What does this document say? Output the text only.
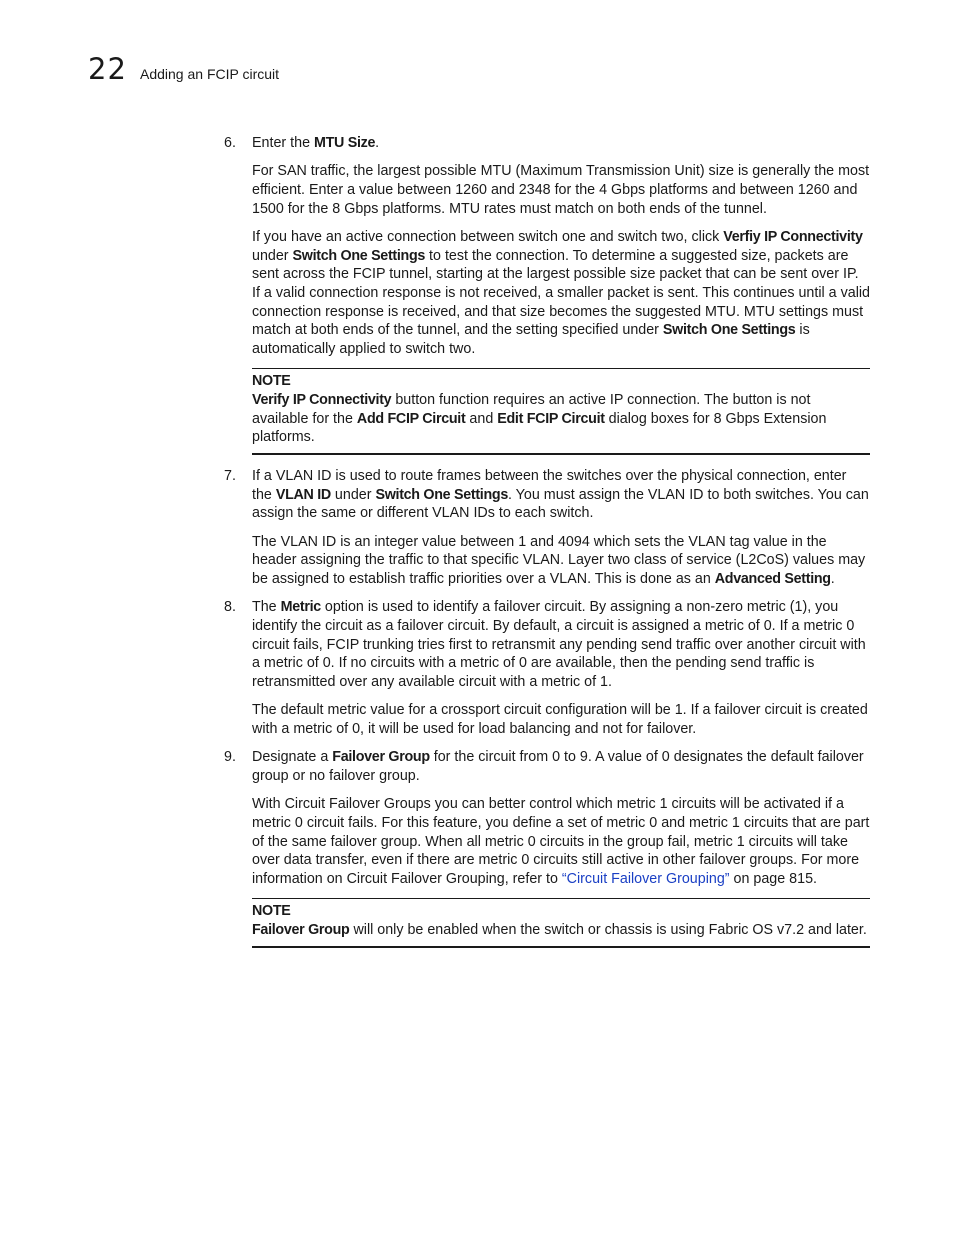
22 Adding an FCIP circuit
6. Enter the MTU Size.

For SAN traffic, the largest possible MTU (Maximum Transmission Unit) size is generally the most efficient. Enter a value between 1260 and 2348 for the 4 Gbps platforms and between 1260 and 1500 for the 8 Gbps platforms. MTU rates must match on both ends of the tunnel.

If you have an active connection between switch one and switch two, click Verfiy IP Connectivity under Switch One Settings to test the connection. To determine a suggested size, packets are sent across the FCIP tunnel, starting at the largest possible size packet that can be sent over IP. If a valid connection response is not received, a smaller packet is sent. This continues until a valid connection response is received, and that size becomes the suggested MTU. MTU settings must match at both ends of the tunnel, and the setting specified under Switch One Settings is automatically applied to switch two.

NOTE

Verify IP Connectivity button function requires an active IP connection. The button is not available for the Add FCIP Circuit and Edit FCIP Circuit dialog boxes for 8 Gbps Extension platforms.

7. If a VLAN ID is used to route frames between the switches over the physical connection, enter the VLAN ID under Switch One Settings. You must assign the VLAN ID to both switches. You can assign the same or different VLAN IDs to each switch.

The VLAN ID is an integer value between 1 and 4094 which sets the VLAN tag value in the header assigning the traffic to that specific VLAN. Layer two class of service (L2CoS) values may be assigned to establish traffic priorities over a VLAN. This is done as an Advanced Setting.

8. The Metric option is used to identify a failover circuit. By assigning a non-zero metric (1), you identify the circuit as a failover circuit. By default, a circuit is assigned a metric of 0. If a metric 0 circuit fails, FCIP trunking tries first to retransmit any pending send traffic over another circuit with a metric of 0. If no circuits with a metric of 0 are available, then the pending send traffic is retransmitted over any available circuit with a metric of 1.

The default metric value for a crossport circuit configuration will be 1. If a failover circuit is created with a metric of 0, it will be used for load balancing and not for failover.

9. Designate a Failover Group for the circuit from 0 to 9. A value of 0 designates the default failover group or no failover group.

With Circuit Failover Groups you can better control which metric 1 circuits will be activated if a metric 0 circuit fails. For this feature, you define a set of metric 0 and metric 1 circuits that are part of the same failover group. When all metric 0 circuits in the group fail, metric 1 circuits will take over data transfer, even if there are metric 0 circuits still active in other failover groups. For more information on Circuit Failover Grouping, refer to “Circuit Failover Grouping” on page 815.

NOTE

Failover Group will only be enabled when the switch or chassis is using Fabric OS v7.2 and later.
